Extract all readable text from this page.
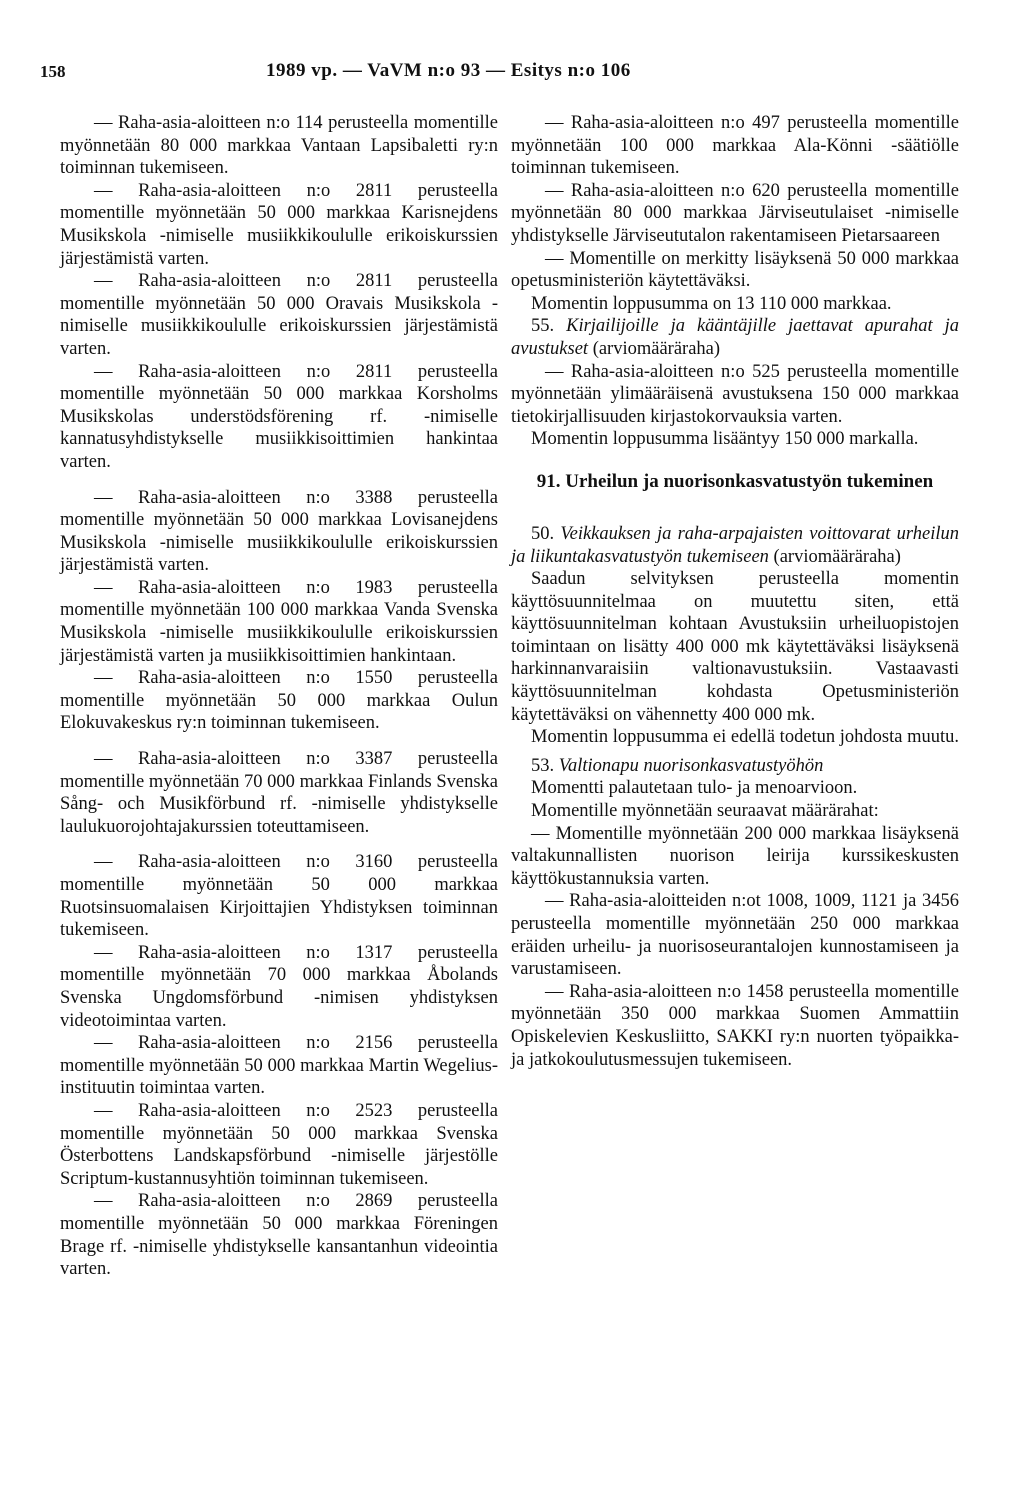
158	1989 vp. — VaVM n:o 93 — Esitys n:o 106

— Raha-asia-aloitteen n:o 114 perusteella momentille myönnetään 80 000 markkaa Vantaan Lapsibaletti ry:n toiminnan tukemiseen.

— Raha-asia-aloitteen n:o 2811 perusteella momentille myönnetään 50 000 markkaa Karisnejdens Musikskola -nimiselle musiikkikoululle erikoiskurssien järjestämistä varten.

— Raha-asia-aloitteen n:o 2811 perusteella momentille myönnetään 50 000 Oravais Musikskola -nimiselle musiikkikoululle erikoiskurssien järjestämistä varten.

— Raha-asia-aloitteen n:o 2811 perusteella momentille myönnetään 50 000 markkaa Korsholms Musikskolas understödsförening rf. -nimiselle kannatusyhdistykselle musiikkisoittimien hankintaa varten.

— Raha-asia-aloitteen n:o 3388 perusteella momentille myönnetään 50 000 markkaa Lovisanejdens Musikskola -nimiselle musiikkikoululle erikoiskurssien järjestämistä varten.

— Raha-asia-aloitteen n:o 1983 perusteella momentille myönnetään 100 000 markkaa Vanda Svenska Musikskola -nimiselle musiikkikoululle erikoiskurssien järjestämistä varten ja musiikkisoittimien hankintaan.

— Raha-asia-aloitteen n:o 1550 perusteella momentille myönnetään 50 000 markkaa Oulun Elokuvakeskus ry:n toiminnan tukemiseen.

— Raha-asia-aloitteen n:o 3387 perusteella momentille myönnetään 70 000 markkaa Finlands Svenska Sång- och Musikförbund rf. -nimiselle yhdistykselle laulukuorojohtajakurssien toteuttamiseen.

— Raha-asia-aloitteen n:o 3160 perusteella momentille myönnetään 50 000 markkaa Ruotsinsuomalaisen Kirjoittajien Yhdistyksen toiminnan tukemiseen.

— Raha-asia-aloitteen n:o 1317 perusteella momentille myönnetään 70 000 markkaa Åbolands Svenska Ungdomsförbund -nimisen yhdistyksen videotoimintaa varten.

— Raha-asia-aloitteen n:o 2156 perusteella momentille myönnetään 50 000 markkaa Martin Wegelius-instituutin toimintaa varten.

— Raha-asia-aloitteen n:o 2523 perusteella momentille myönnetään 50 000 markkaa Svenska Österbottens Landskapsförbund -nimiselle järjestölle Scriptum-kustannusyhtiön toiminnan tukemiseen.

— Raha-asia-aloitteen n:o 2869 perusteella momentille myönnetään 50 000 markkaa Föreningen Brage rf. -nimiselle yhdistykselle kansantanhun videointia varten.

— Raha-asia-aloitteen n:o 497 perusteella momentille myönnetään 100 000 markkaa Ala-Könni -säätiölle toiminnan tukemiseen.

— Raha-asia-aloitteen n:o 620 perusteella momentille myönnetään 80 000 markkaa Järviseutulaiset -nimiselle yhdistykselle Järviseututalon rakentamiseen Pietarsaareen

— Momentille on merkitty lisäyksenä 50 000 markkaa opetusministeriön käytettäväksi.

Momentin loppusumma on 13 110 000 markkaa.

55. Kirjailijoille ja kääntäjille jaettavat apurahat ja avustukset (arviomääräraha)

— Raha-asia-aloitteen n:o 525 perusteella momentille myönnetään ylimääräisenä avustuksena 150 000 markkaa tietokirjallisuuden kirjastokorvauksia varten.

Momentin loppusumma lisääntyy 150 000 markalla.

91. Urheilun ja nuorisonkasvatustyön tukeminen

50. Veikkauksen ja raha-arpajaisten voittovarat urheilun ja liikuntakasvatustyön tukemiseen (arviomääräraha)

Saadun selvityksen perusteella momentin käyttösuunnitelmaa on muutettu siten, että käyttösuunnitelman kohtaan Avustuksiin urheiluopistojen toimintaan on lisätty 400 000 mk käytettäväksi lisäyksenä harkinnanvaraisiin valtionavustuksiin. Vastaavasti käyttösuunnitelman kohdasta Opetusministeriön käytettäväksi on vähennetty 400 000 mk.

Momentin loppusumma ei edellä todetun johdosta muutu.

53. Valtionapu nuorisonkasvatustyöhön

Momentti palautetaan tulo- ja menoarvioon.

Momentille myönnetään seuraavat määrärahat:

— Momentille myönnetään 200 000 markkaa lisäyksenä valtakunnallisten nuorison leirija kurssikeskusten käyttökustannuksia varten.

— Raha-asia-aloitteiden n:ot 1008, 1009, 1121 ja 3456 perusteella momentille myönnetään 250 000 markkaa eräiden urheilu- ja nuorisoseurantalojen kunnostamiseen ja varustamiseen.

— Raha-asia-aloitteen n:o 1458 perusteella momentille myönnetään 350 000 markkaa Suomen Ammattiin Opiskelevien Keskusliitto, SAKKI ry:n nuorten työpaikka- ja jatkokoulutusmessujen tukemiseen.
